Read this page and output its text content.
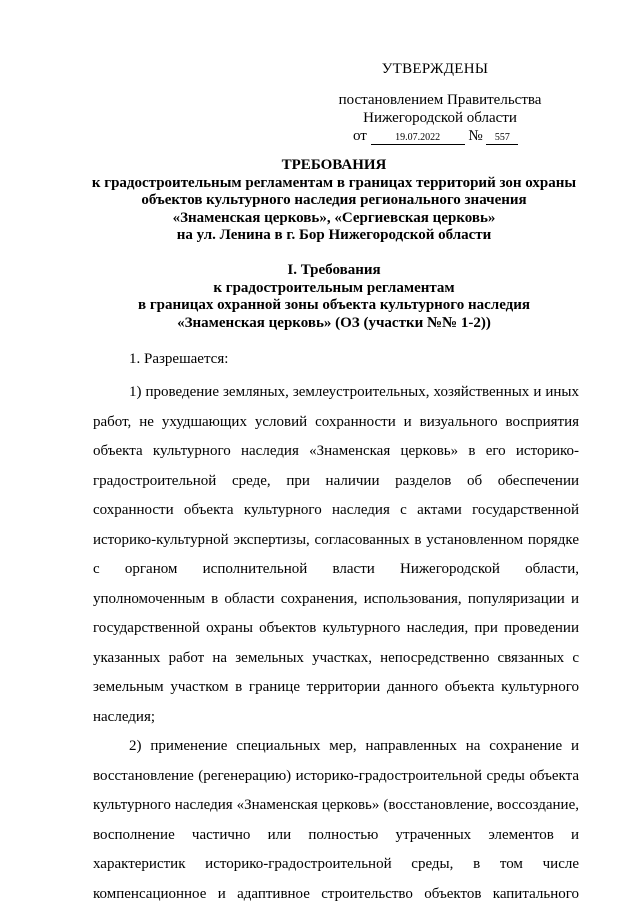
УТВЕРЖДЕНЫ
постановлением Правительства
Нижегородской области
от	19.07.2022 № 557
ТРЕБОВАНИЯ
к градостроительным регламентам в границах территорий зон охраны
объектов культурного наследия регионального значения
«Знаменская церковь», «Сергиевская церковь»
на ул. Ленина в г. Бор Нижегородской области
I. Требования
к градостроительным регламентам
в границах охранной зоны объекта культурного наследия
«Знаменская церковь» (ОЗ (участки №№ 1-2))
1. Разрешается:

1) проведение земляных, землеустроительных, хозяйственных и иных работ, не ухудшающих условий сохранности и визуального восприятия объекта культурного наследия «Знаменская церковь» в его историко-градостроительной среде, при наличии разделов об обеспечении сохранности объекта культурного наследия с актами государственной историко-культурной экспертизы, согласованных в установленном порядке с органом исполнительной власти Нижегородской области, уполномоченным в области сохранения, использования, популяризации и государственной охраны объектов культурного наследия, при проведении указанных работ на земельных участках, непосредственно связанных с земельным участком в границе территории данного объекта культурного наследия;

2) применение специальных мер, направленных на сохранение и восстановление (регенерацию) историко-градостроительной среды объекта культурного наследия «Знаменская церковь» (восстановление, воссоздание, восполнение частично или полностью утраченных элементов и характеристик историко-градостроительной среды, в том числе компенсационное и адаптивное строительство объектов капитального
